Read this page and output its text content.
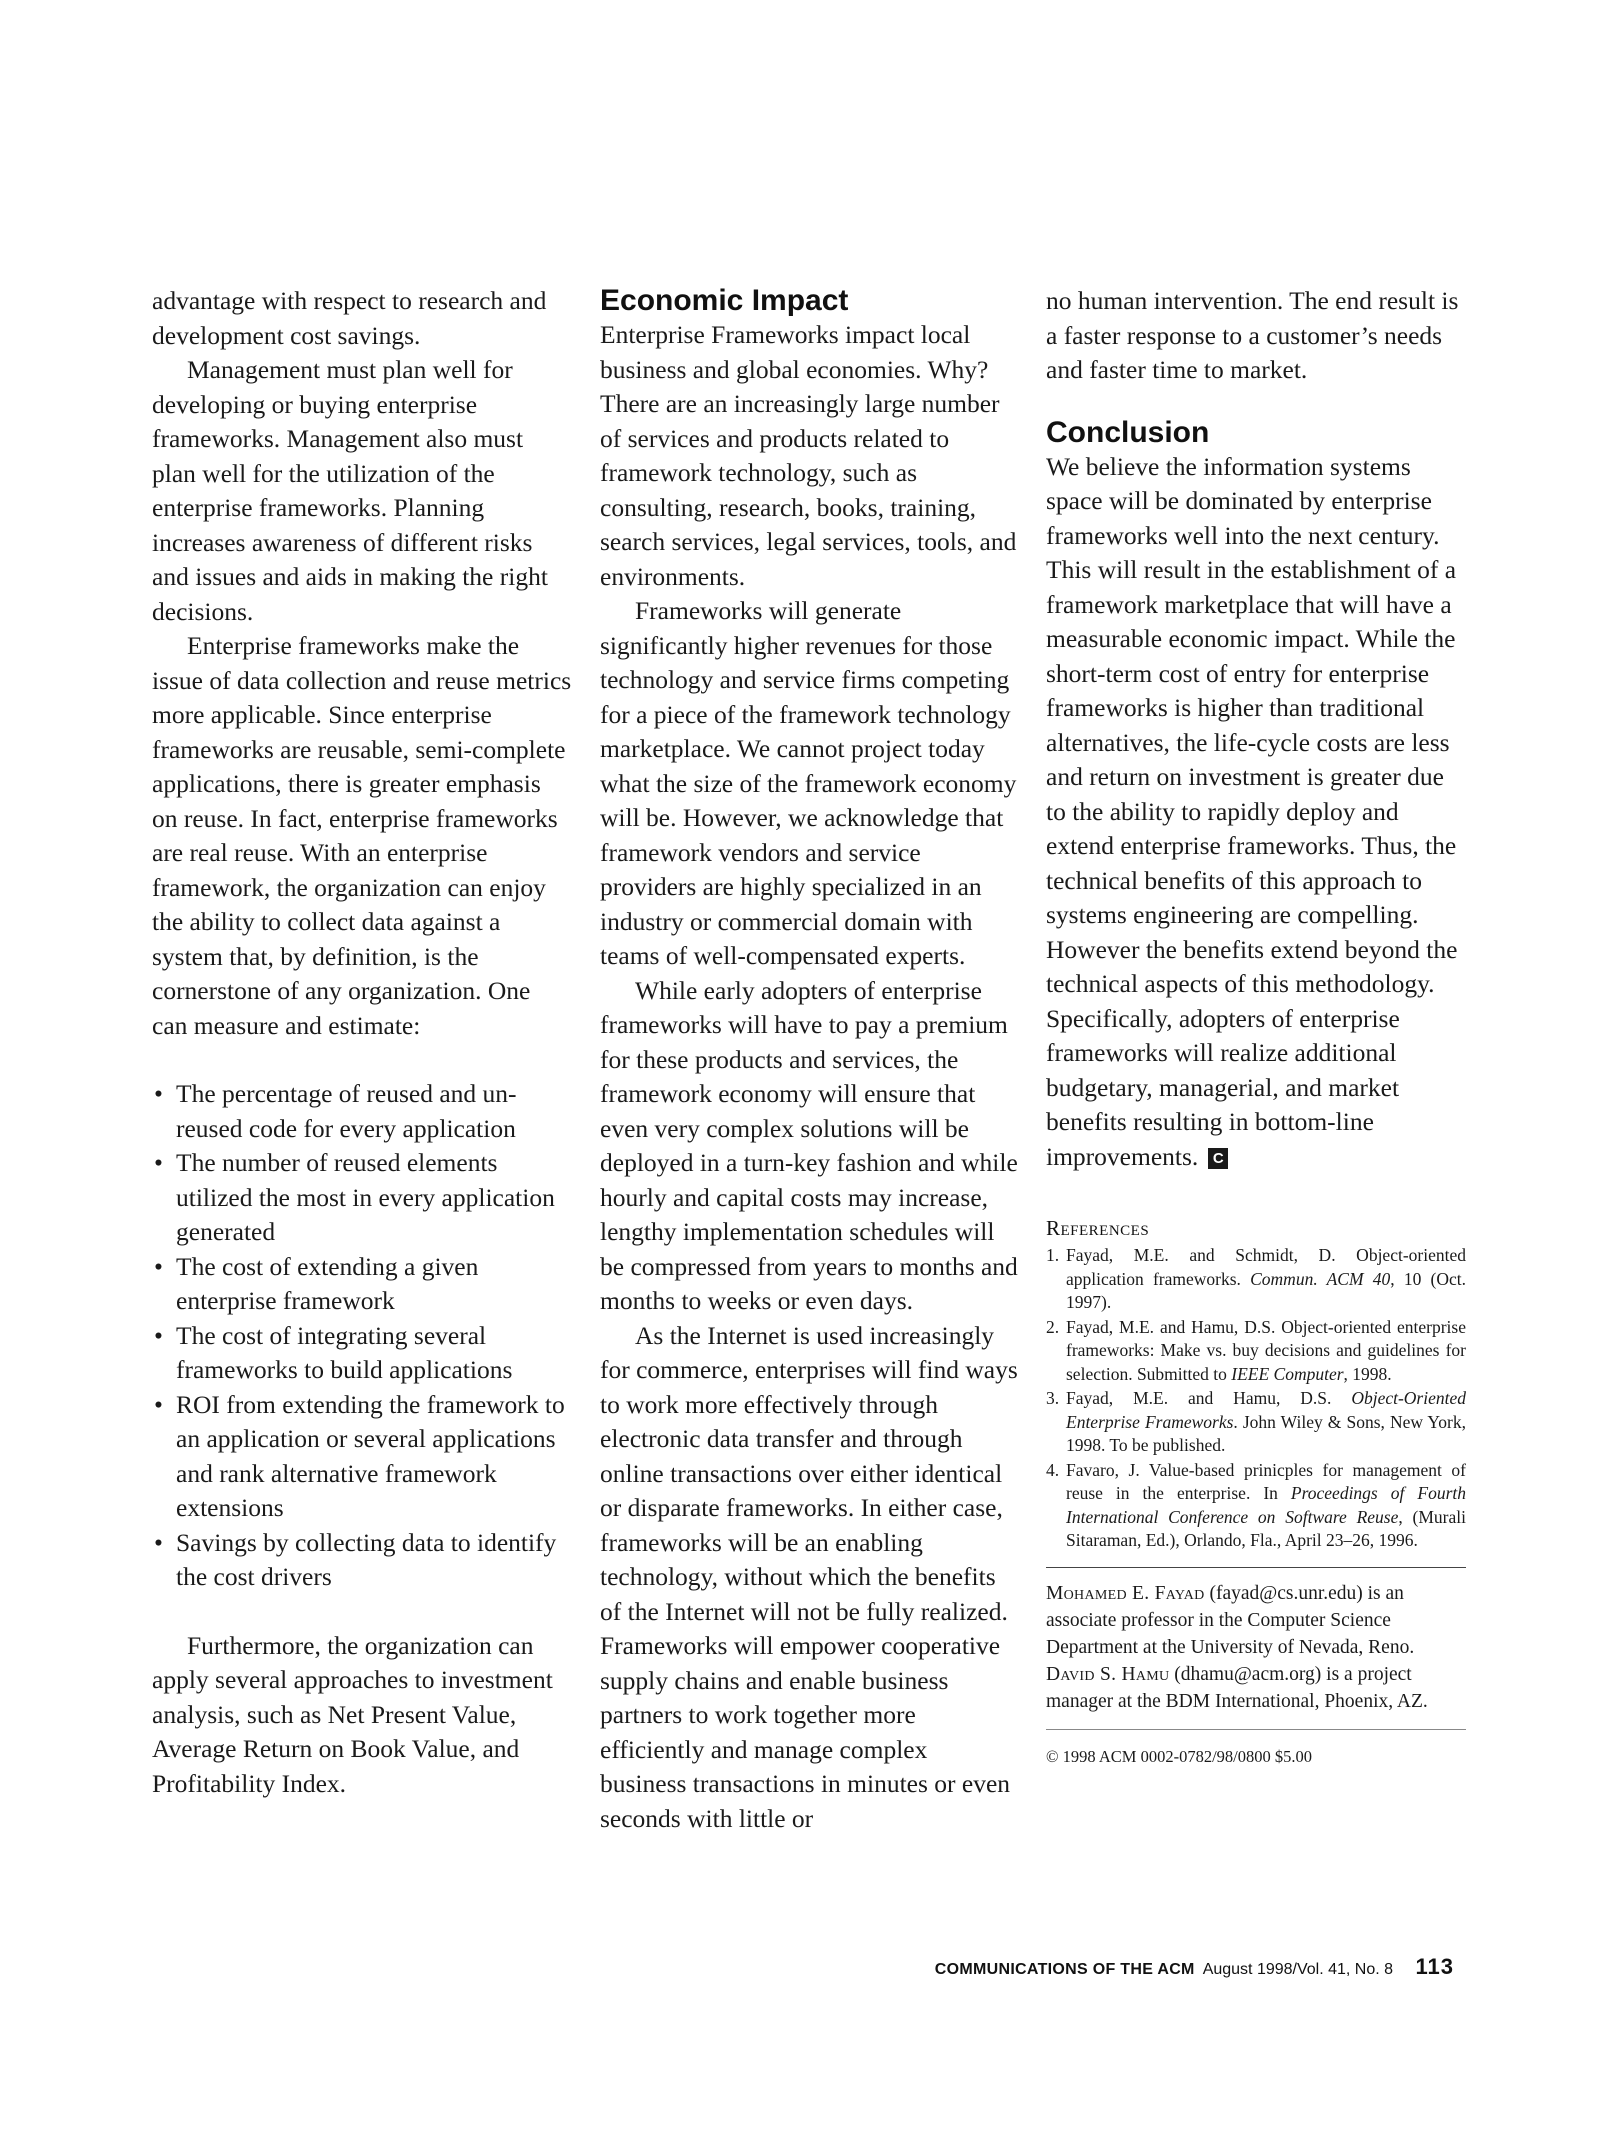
advantage with respect to research and development cost savings.

Management must plan well for developing or buying enterprise frameworks. Management also must plan well for the utilization of the enterprise frameworks. Planning increases awareness of different risks and issues and aids in making the right decisions.

Enterprise frameworks make the issue of data collection and reuse metrics more applicable. Since enterprise frameworks are reusable, semi-complete applications, there is greater emphasis on reuse. In fact, enterprise frameworks are real reuse. With an enterprise framework, the organization can enjoy the ability to collect data against a system that, by definition, is the cornerstone of any organization. One can measure and estimate:

• The percentage of reused and un-reused code for every application
• The number of reused elements utilized the most in every application generated
• The cost of extending a given enterprise framework
• The cost of integrating several frameworks to build applications
• ROI from extending the framework to an application or several applications and rank alternative framework extensions
• Savings by collecting data to identify the cost drivers

Furthermore, the organization can apply several approaches to investment analysis, such as Net Present Value, Average Return on Book Value, and Profitability Index.

Economic Impact

Enterprise Frameworks impact local business and global economies. Why? There are an increasingly large number of services and products related to framework technology, such as consulting, research, books, training, search services, legal services, tools, and environments.

Frameworks will generate significantly higher revenues for those technology and service firms competing for a piece of the framework technology marketplace. We cannot project today what the size of the framework economy will be. However, we acknowledge that framework vendors and service providers are highly specialized in an industry or commercial domain with teams of well-compensated experts.

While early adopters of enterprise frameworks will have to pay a premium for these products and services, the framework economy will ensure that even very complex solutions will be deployed in a turn-key fashion and while hourly and capital costs may increase, lengthy implementation schedules will be compressed from years to months and months to weeks or even days.

As the Internet is used increasingly for commerce, enterprises will find ways to work more effectively through electronic data transfer and through online transactions over either identical or disparate frameworks. In either case, frameworks will be an enabling technology, without which the benefits of the Internet will not be fully realized. Frameworks will empower cooperative supply chains and enable business partners to work together more efficiently and manage complex business transactions in minutes or even seconds with little or

no human intervention. The end result is a faster response to a customer’s needs and faster time to market.

Conclusion

We believe the information systems space will be dominated by enterprise frameworks well into the next century. This will result in the establishment of a framework marketplace that will have a measurable economic impact. While the short-term cost of entry for enterprise frameworks is higher than traditional alternatives, the life-cycle costs are less and return on investment is greater due to the ability to rapidly deploy and extend enterprise frameworks. Thus, the technical benefits of this approach to systems engineering are compelling. However the benefits extend beyond the technical aspects of this methodology. Specifically, adopters of enterprise frameworks will realize additional budgetary, managerial, and market benefits resulting in bottom-line improvements. C

References
1. Fayad, M.E. and Schmidt, D. Object-oriented application frameworks. Commun. ACM 40, 10 (Oct. 1997).
2. Fayad, M.E. and Hamu, D.S. Object-oriented enterprise frameworks: Make vs. buy decisions and guidelines for selection. Submitted to IEEE Computer, 1998.
3. Fayad, M.E. and Hamu, D.S. Object-Oriented Enterprise Frameworks. John Wiley & Sons, New York, 1998. To be published.
4. Favaro, J. Value-based prinicples for management of reuse in the enterprise. In Proceedings of Fourth International Conference on Software Reuse, (Murali Sitaraman, Ed.), Orlando, Fla., April 23–26, 1996.
Mohamed E. Fayad (fayad@cs.unr.edu) is an associate professor in the Computer Science Department at the University of Nevada, Reno.
David S. Hamu (dhamu@acm.org) is a project manager at the BDM International, Phoenix, AZ.
© 1998 ACM 0002-0782/98/0800 $5.00
COMMUNICATIONS OF THE ACM August 1998/Vol. 41, No. 8 113
